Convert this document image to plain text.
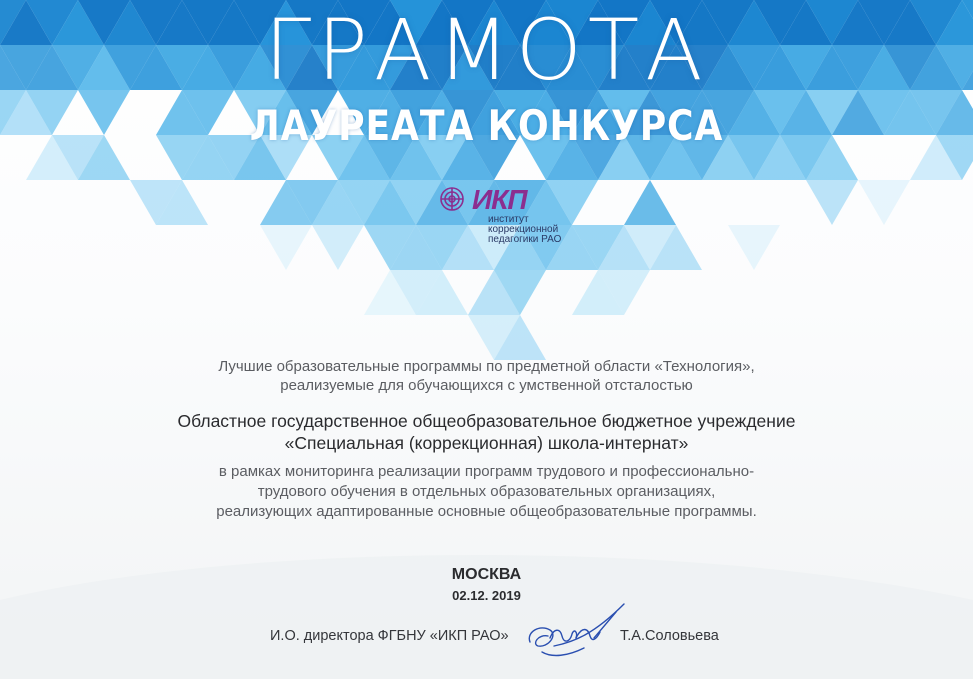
ГРАМОТА
ЛАУРЕАТА КОНКУРСА
ИКП
институт
коррекционной
педагогики РАО

Лучшие образовательные программы по предметной области «Технология»,

реализуемые для обучающихся с умственной отсталостью

Областное государственное общеобразовательное бюджетное учреждение

«Специальная (коррекционная) школа-интернат»

в рамках мониторинга реализации программ трудового и профессионально-

трудового обучения в отдельных образовательных организациях,

реализующих адаптированные основные общеобразовательные программы.

МОСКВА

02.12. 2019

И.О. директора ФГБНУ «ИКП РАО»	Т.А.Соловьева
